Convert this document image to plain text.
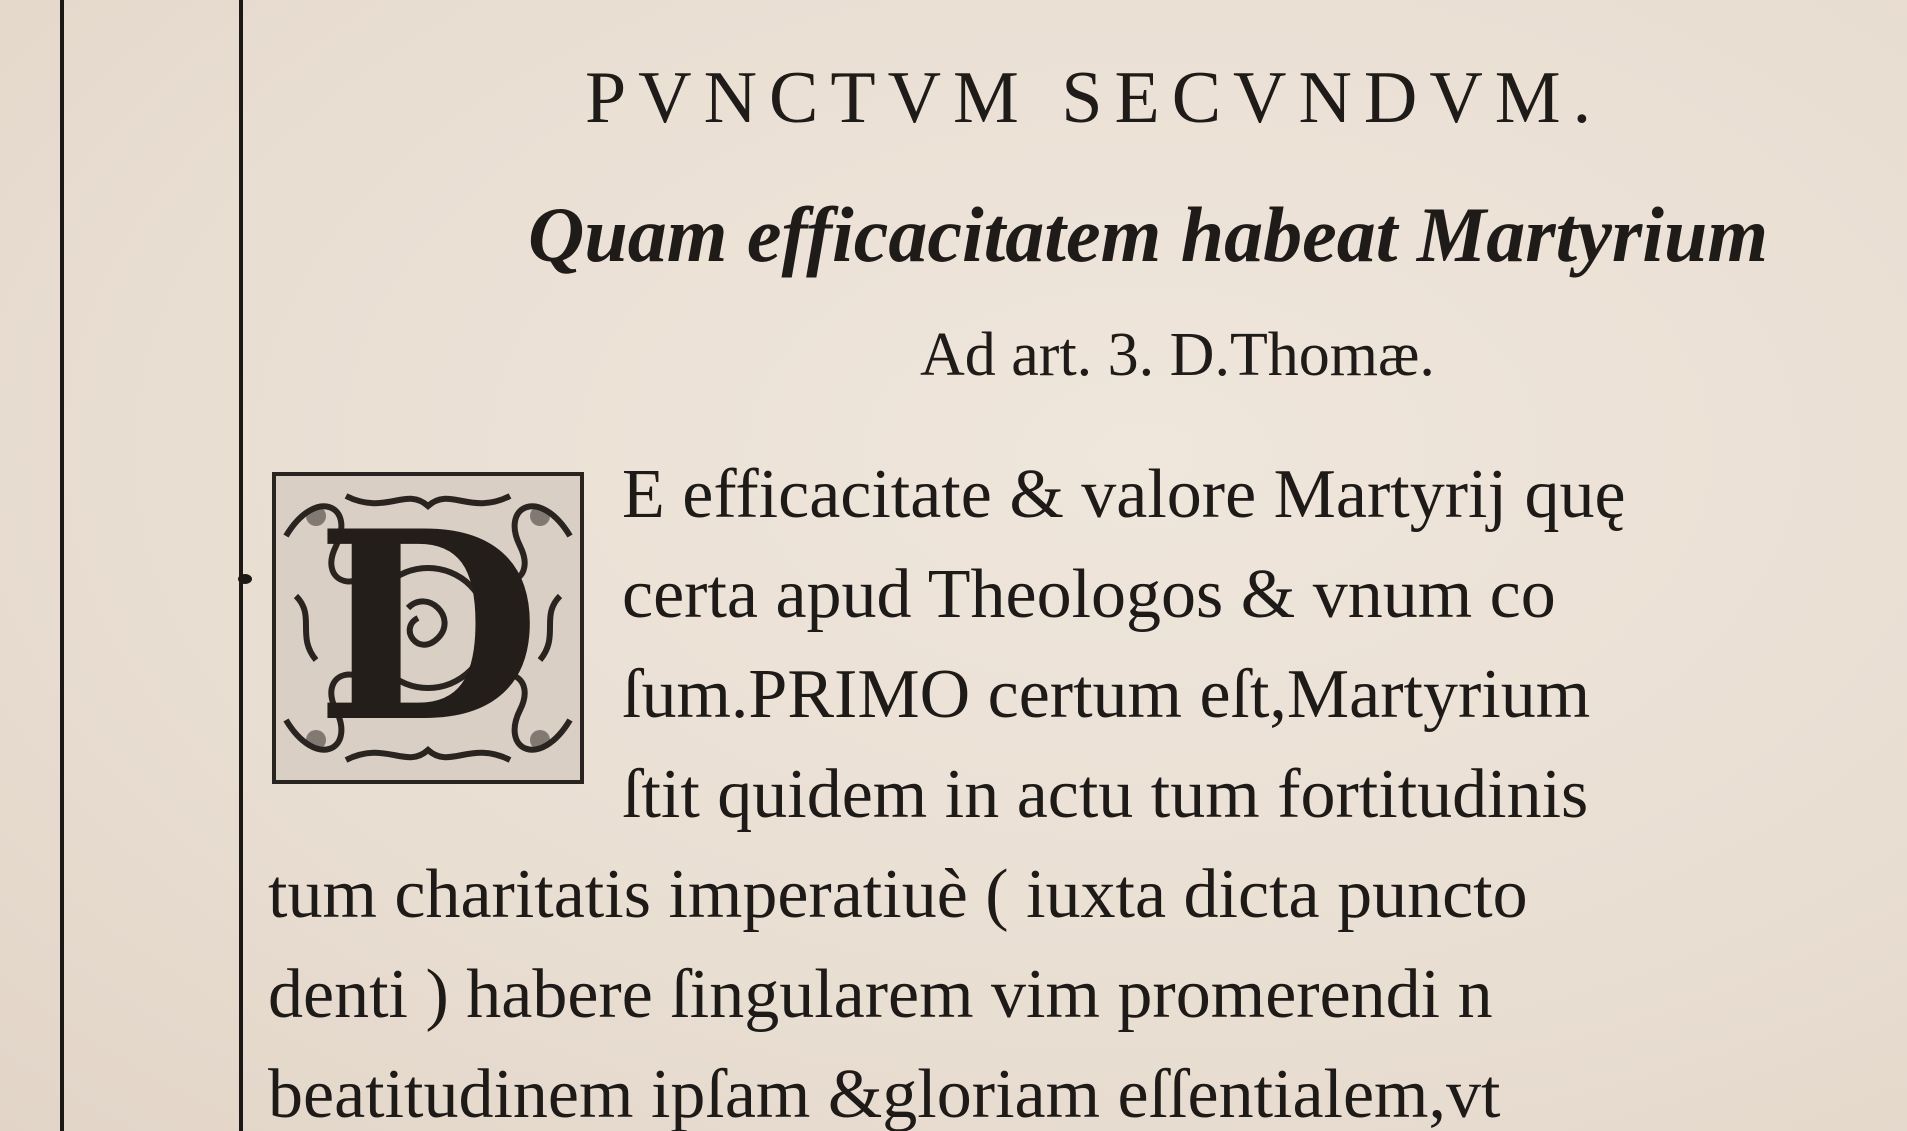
PVNCTVM SECVNDVM.
Quam efficacitatem habeat Martyrium
Ad art. 3. D.Thomæ.
D	E efficacitate & valore Martyrij quę
certa apud Theologos & vnum co
ſum.PRIMO certum eſt,Martyrium
ſtit quidem in actu tum fortitudinis
tum charitatis imperatiuè ( iuxta dicta puncto
denti ) habere ſingularem vim promerendi n
beatitudinem ipſam &gloriam eſſentialem,vt
